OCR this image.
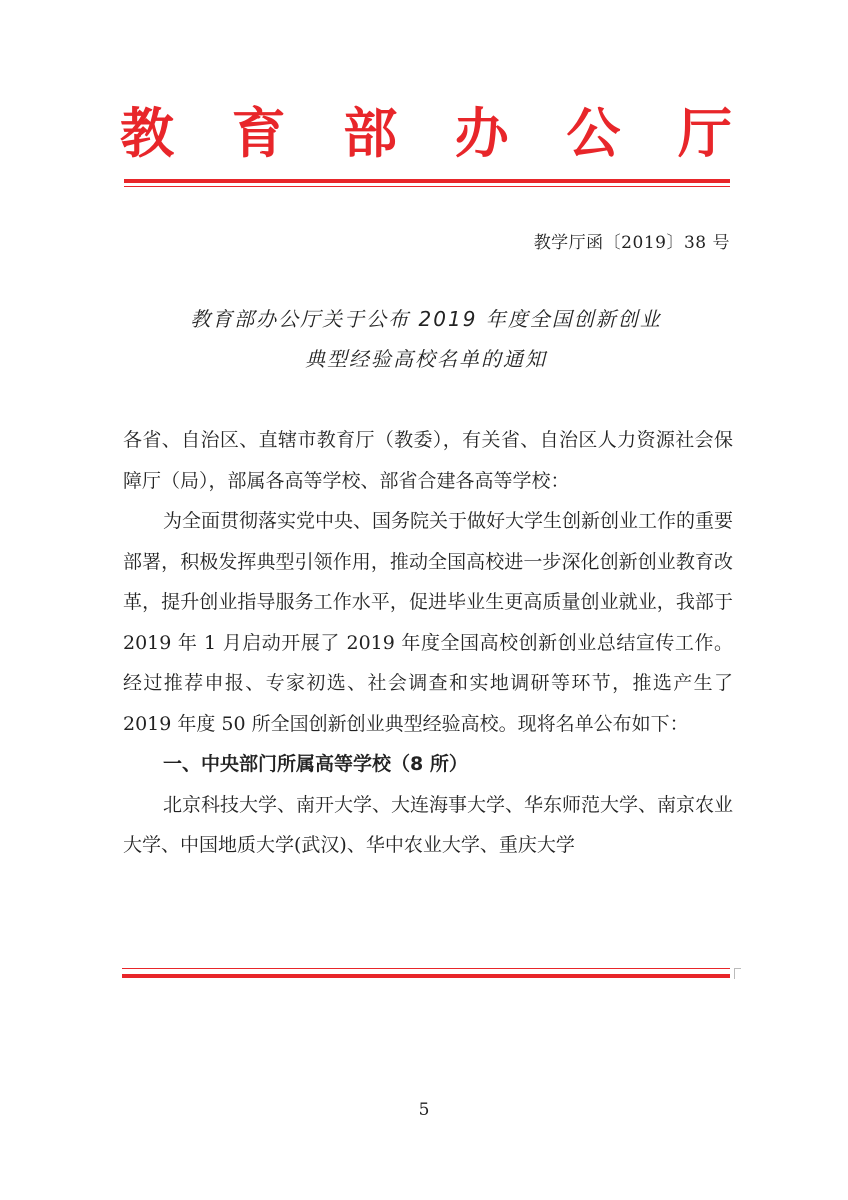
教 育 部 办 公 厅
教学厅函〔2019〕38 号
教育部办公厅关于公布 2019 年度全国创新创业
典型经验高校名单的通知

各省、自治区、直辖市教育厅（教委），有关省、自治区人力资源社会保障厅（局），部属各高等学校、部省合建各高等学校：

为全面贯彻落实党中央、国务院关于做好大学生创新创业工作的重要部署，积极发挥典型引领作用，推动全国高校进一步深化创新创业教育改革，提升创业指导服务工作水平，促进毕业生更高质量创业就业，我部于 2019 年 1 月启动开展了 2019 年度全国高校创新创业总结宣传工作。经过推荐申报、专家初选、社会调查和实地调研等环节，推选产生了 2019 年度 50 所全国创新创业典型经验高校。现将名单公布如下：

一、中央部门所属高等学校（8 所）

北京科技大学、南开大学、大连海事大学、华东师范大学、南京农业大学、中国地质大学(武汉)、华中农业大学、重庆大学

5
